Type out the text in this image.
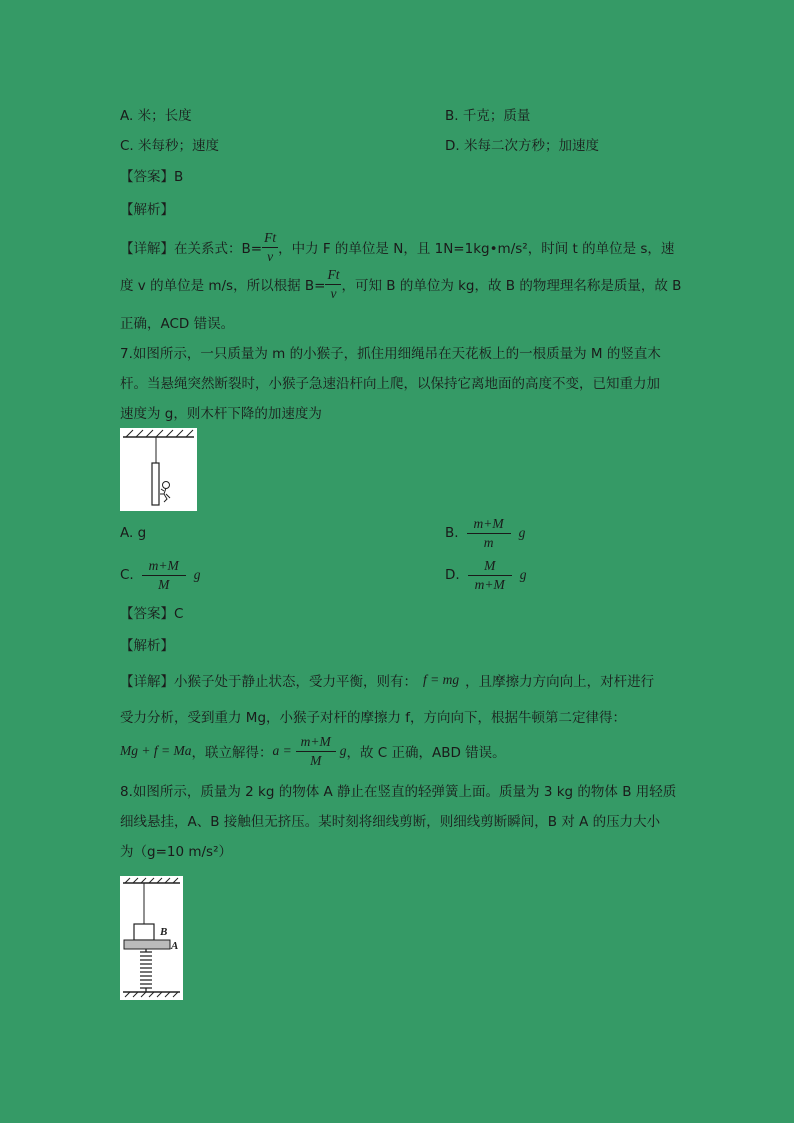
A. 米；长度	B. 千克；质量
C. 米每秒；速度	D. 米每二次方秒；加速度
【答案】B
【解析】
【详解】 在关系式：$B= \frac{Ft}{v}$ ，中力 F 的单位是 N，且 1N=1kg•m/s²，时间 t 的单位是 s，速
度 v 的单位是 m/s，所以根据 $B= \frac{Ft}{v}$ ，可知 B 的单位为 kg，故 B 的物理理名称是质量，故 B
正确，ACD 错误。
7.如图所示，一只质量为 m 的小猴子，抓住用细绳吊在天花板上的一根质量为 M 的竖直木
杆。当悬绳突然断裂时，小猴子急速沿杆向上爬，以保持它离地面的高度不变，已知重力加
速度为 g，则木杆下降的加速度为
A. g	B. $\frac{m+M}{m}$ g
C. $\frac{m+M}{M}$ g	D. $\frac{M}{m+M}$ g
【答案】C
【解析】
【详解】 小猴子处于静止状态，受力平衡，则有： f = mg ，且摩擦力方向向上，对杆进行
受力分析，受到重力 Mg，小猴子对杆的摩擦力 f，方向向下，根据牛顿第二定律得：
Mg + f = Ma ，联立解得： $a = \frac{m+M}{M}$ g ，故 C 正确，ABD 错误。
8.如图所示，质量为 2 kg 的物体 A 静止在竖直的轻弹簧上面。质量为 3 kg 的物体 B 用轻质
细线悬挂，A、B 接触但无挤压。某时刻将细线剪断，则细线剪断瞬间，B 对 A 的压力大小
为（g=10 m/s²）
B
A
